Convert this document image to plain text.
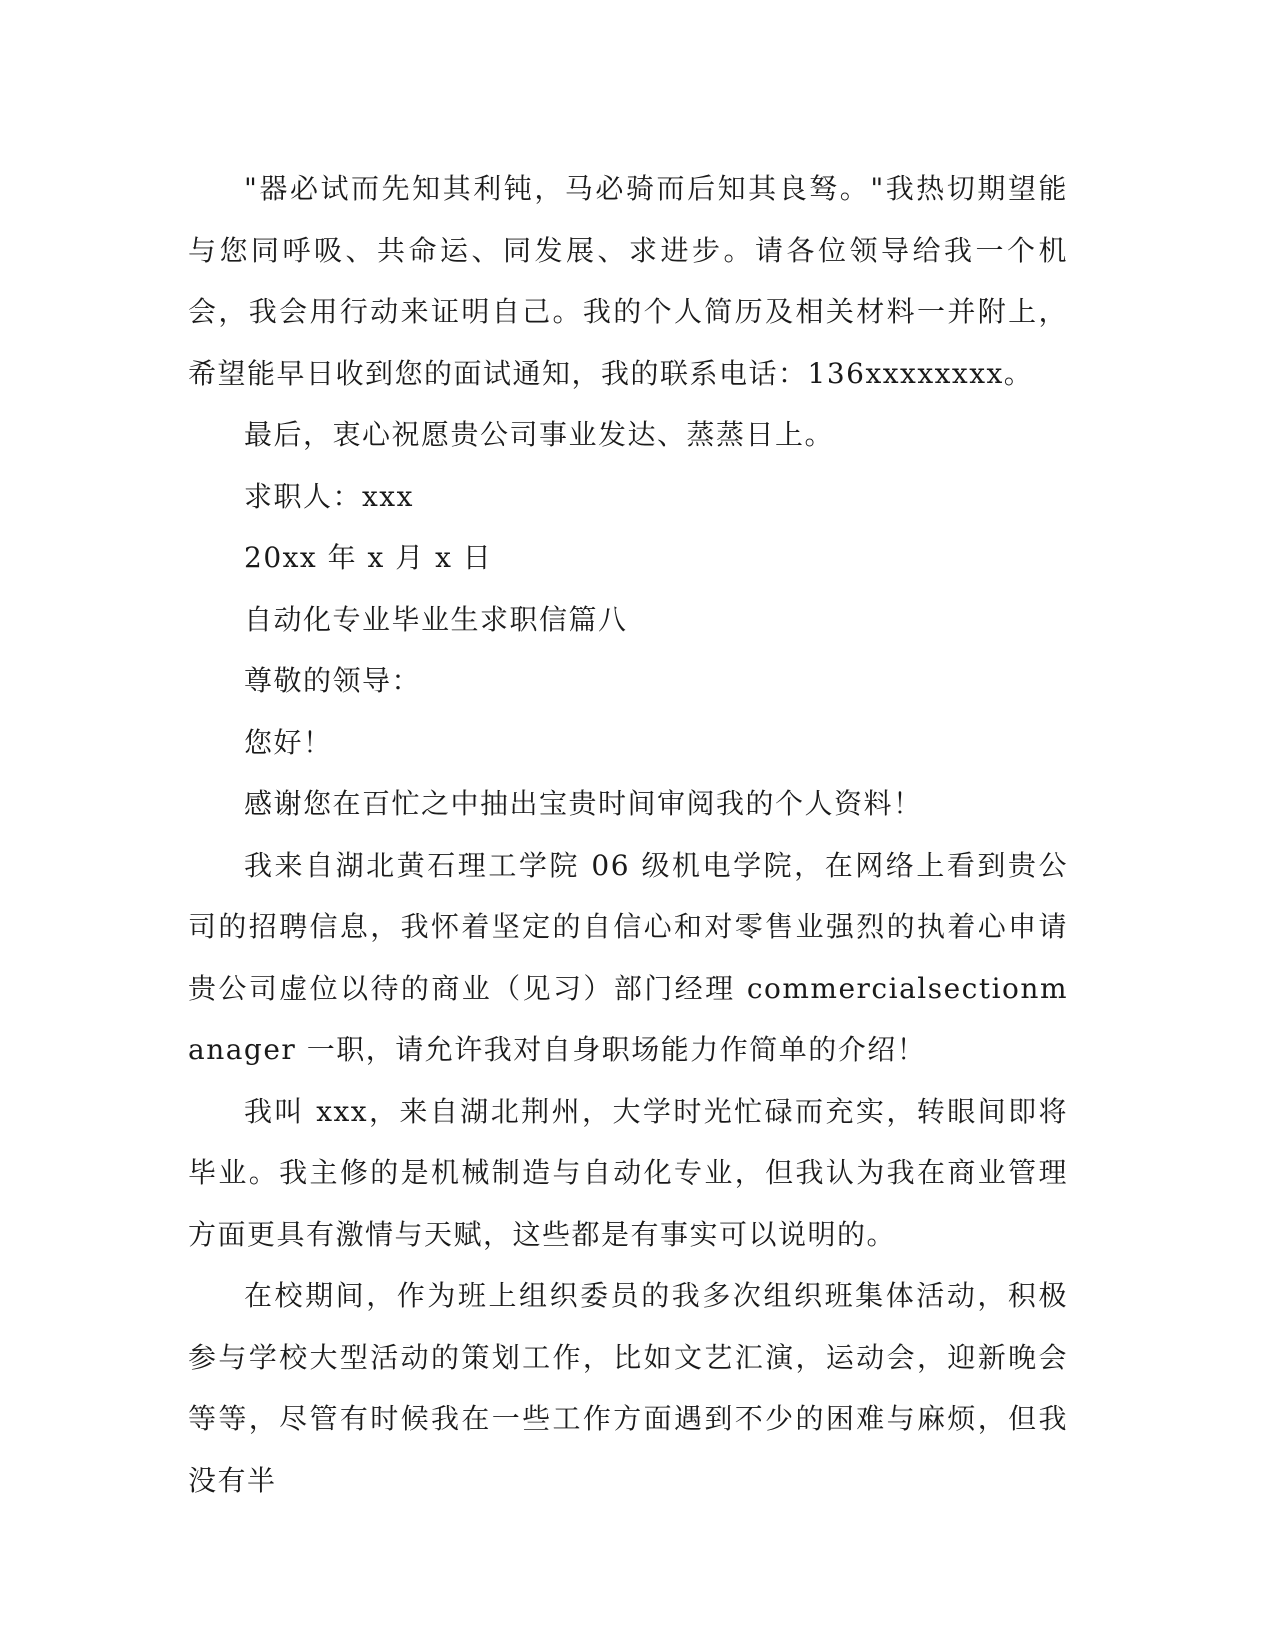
"器必试而先知其利钝，马必骑而后知其良驽。"我热切期望能与您同呼吸、共命运、同发展、求进步。请各位领导给我一个机会，我会用行动来证明自己。我的个人简历及相关材料一并附上，希望能早日收到您的面试通知，我的联系电话：136xxxxxxxx。

最后，衷心祝愿贵公司事业发达、蒸蒸日上。

求职人：xxx

20xx 年 x 月 x 日

自动化专业毕业生求职信篇八

尊敬的领导：

您好！

感谢您在百忙之中抽出宝贵时间审阅我的个人资料！

我来自湖北黄石理工学院 06 级机电学院，在网络上看到贵公司的招聘信息，我怀着坚定的自信心和对零售业强烈的执着心申请贵公司虚位以待的商业（见习）部门经理 commercialsectionmanager 一职，请允许我对自身职场能力作简单的介绍！

我叫 xxx，来自湖北荆州，大学时光忙碌而充实，转眼间即将毕业。我主修的是机械制造与自动化专业，但我认为我在商业管理方面更具有激情与天赋，这些都是有事实可以说明的。

在校期间，作为班上组织委员的我多次组织班集体活动，积极参与学校大型活动的策划工作，比如文艺汇演，运动会，迎新晚会等等，尽管有时候我在一些工作方面遇到不少的困难与麻烦，但我没有半
